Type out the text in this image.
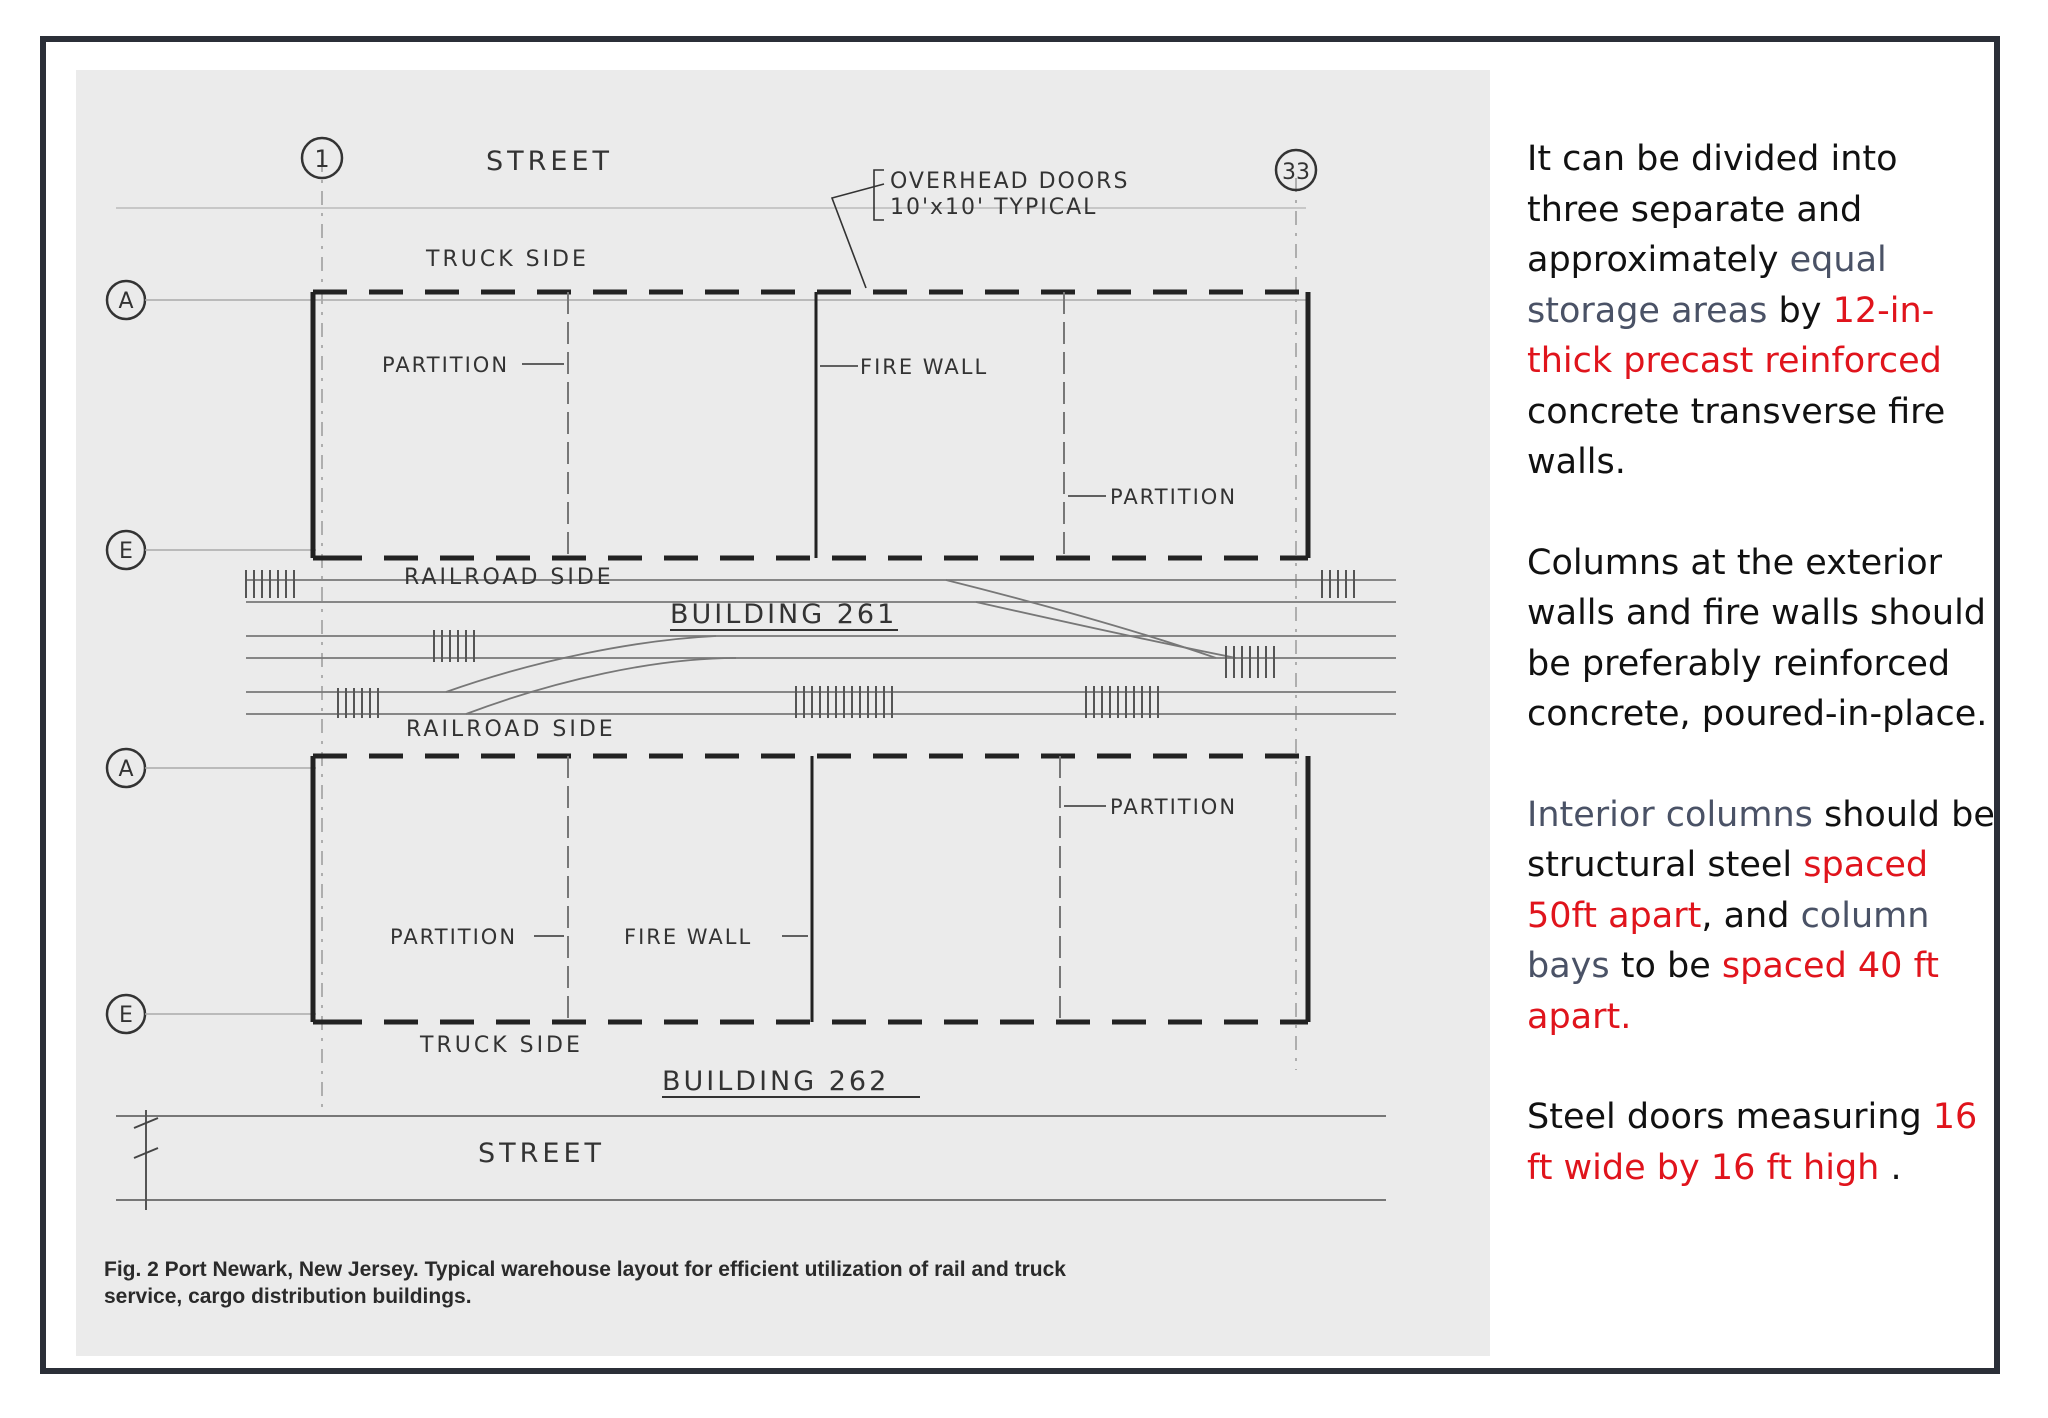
1	33
A
E
A
E
STREET
STREET
OVERHEAD DOORS
10'x10' TYPICAL
TRUCK SIDE
RAILROAD SIDE
RAILROAD SIDE
TRUCK SIDE
PARTITION	FIRE WALL
PARTITION
PARTITION
PARTITION	FIRE WALL
BUILDING 261
BUILDING 262
Fig. 2 Port Newark, New Jersey. Typical warehouse layout for efficient utilization of rail and truck
service, cargo distribution buildings.

It can be divided into three separate and approximately equal storage areas by 12-in-thick precast reinforced concrete transverse fire walls.

Columns at the exterior walls and fire walls should be preferably reinforced concrete, poured-in-place.

Interior columns should be structural steel spaced 50ft apart, and column bays to be spaced 40 ft apart.

Steel doors measuring 16 ft wide by 16 ft high .
